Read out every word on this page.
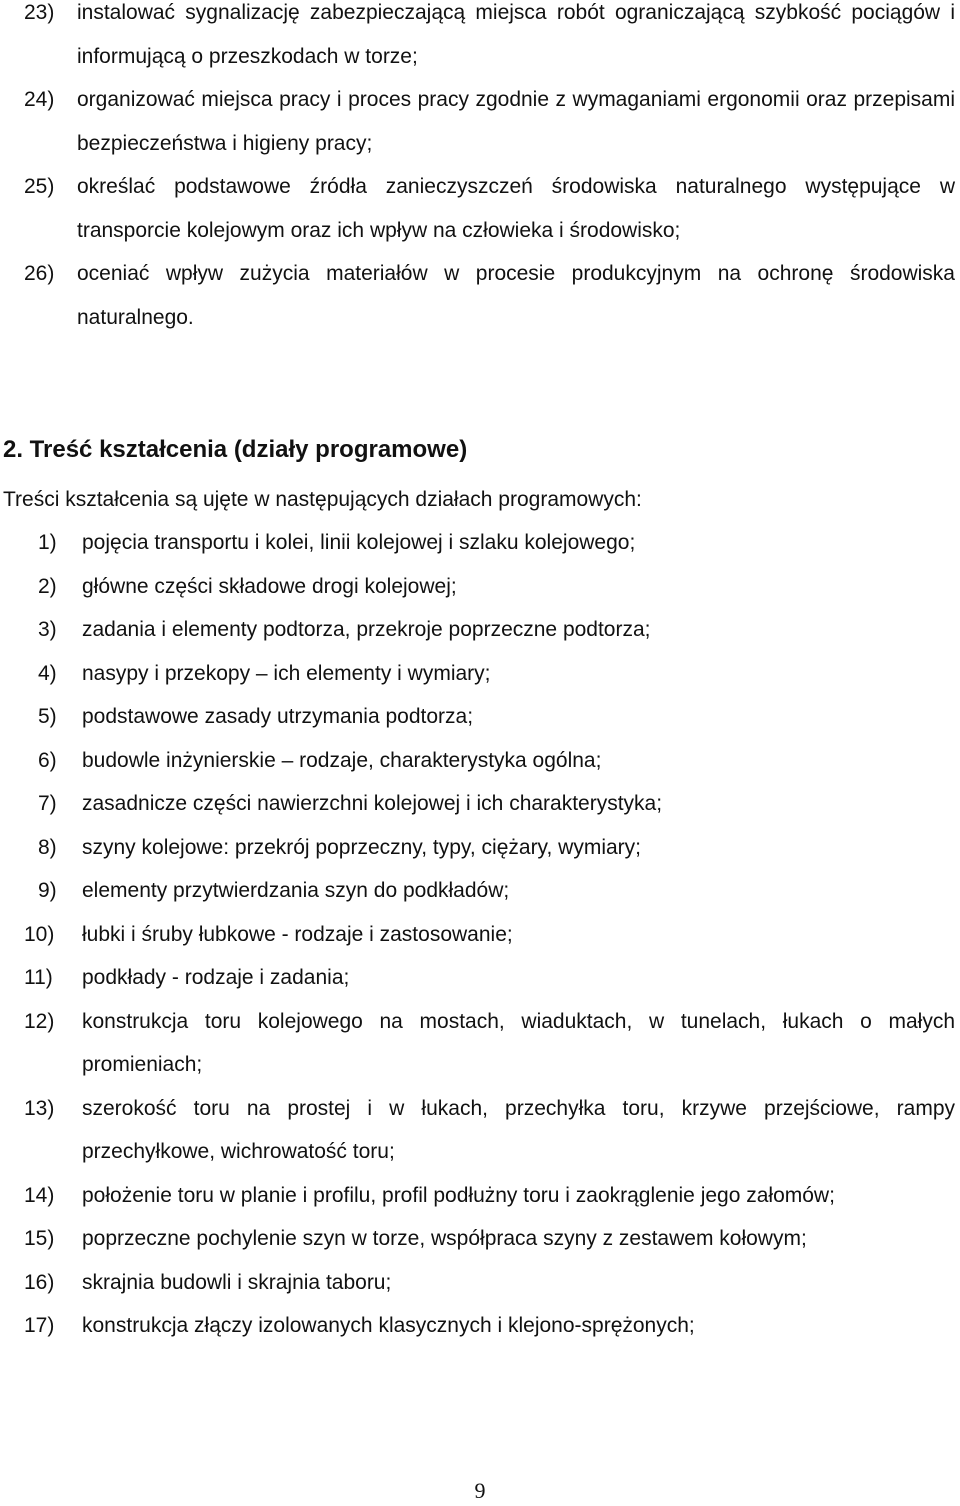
23) instalować sygnalizację zabezpieczającą miejsca robót ograniczającą szybkość pociągów i informującą o przeszkodach w torze;
24) organizować miejsca pracy i proces pracy zgodnie z wymaganiami ergonomii oraz przepisami bezpieczeństwa i higieny pracy;
25) określać podstawowe źródła zanieczyszczeń środowiska naturalnego występujące w transporcie kolejowym oraz ich wpływ na człowieka i środowisko;
26) oceniać wpływ zużycia materiałów w procesie produkcyjnym na ochronę środowiska naturalnego.
2. Treść kształcenia (działy programowe)
Treści kształcenia są ujęte w następujących działach programowych:
1) pojęcia transportu i kolei, linii kolejowej i szlaku kolejowego;
2) główne części składowe drogi kolejowej;
3) zadania i elementy podtorza, przekroje poprzeczne podtorza;
4) nasypy i przekopy – ich elementy i wymiary;
5) podstawowe zasady utrzymania podtorza;
6) budowle inżynierskie – rodzaje, charakterystyka ogólna;
7) zasadnicze części nawierzchni kolejowej i ich charakterystyka;
8) szyny kolejowe: przekrój poprzeczny, typy, ciężary, wymiary;
9) elementy przytwierdzania szyn do podkładów;
10) łubki i śruby łubkowe - rodzaje i zastosowanie;
11) podkłady - rodzaje i zadania;
12) konstrukcja toru kolejowego na mostach, wiaduktach, w tunelach, łukach o małych promieniach;
13) szerokość toru na prostej i w łukach, przechyłka toru, krzywe przejściowe, rampy przechyłkowe, wichrowatość toru;
14) położenie toru w planie i profilu, profil podłużny toru i zaokrąglenie jego załomów;
15) poprzeczne pochylenie szyn w torze, współpraca szyny z zestawem kołowym;
16) skrajnia budowli i skrajnia taboru;
17) konstrukcja złączy izolowanych klasycznych i klejono-sprężonych;
9
